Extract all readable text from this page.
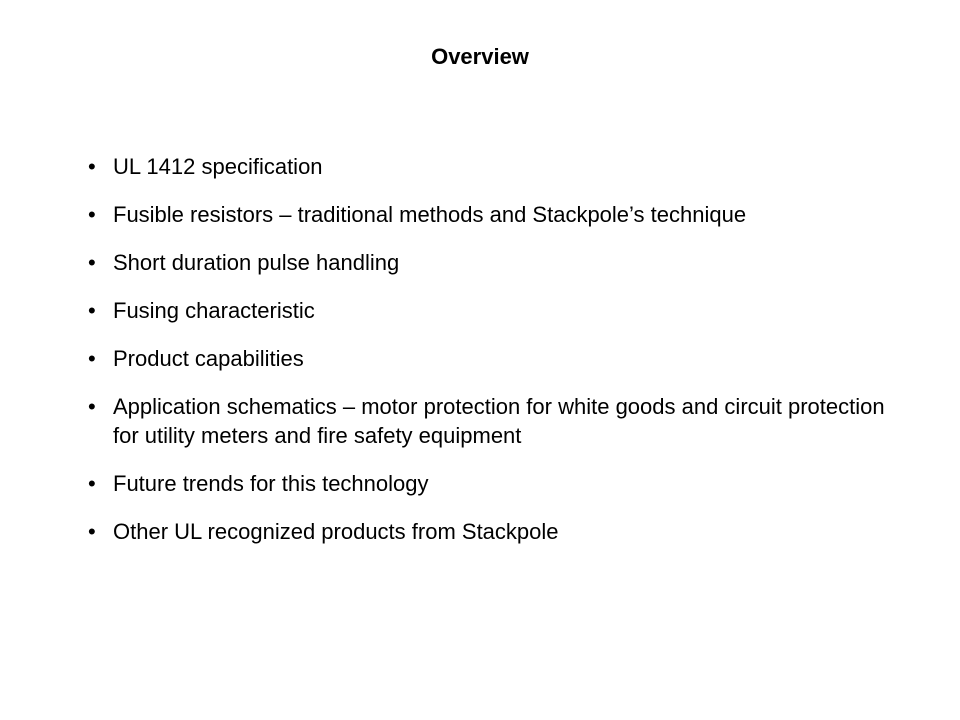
Overview
• UL 1412 specification
• Fusible resistors – traditional methods and Stackpole’s technique
• Short duration pulse handling
• Fusing characteristic
• Product capabilities
• Application schematics – motor protection for white goods and circuit protection for utility meters and fire safety equipment
• Future trends for this technology
• Other UL recognized products from Stackpole
